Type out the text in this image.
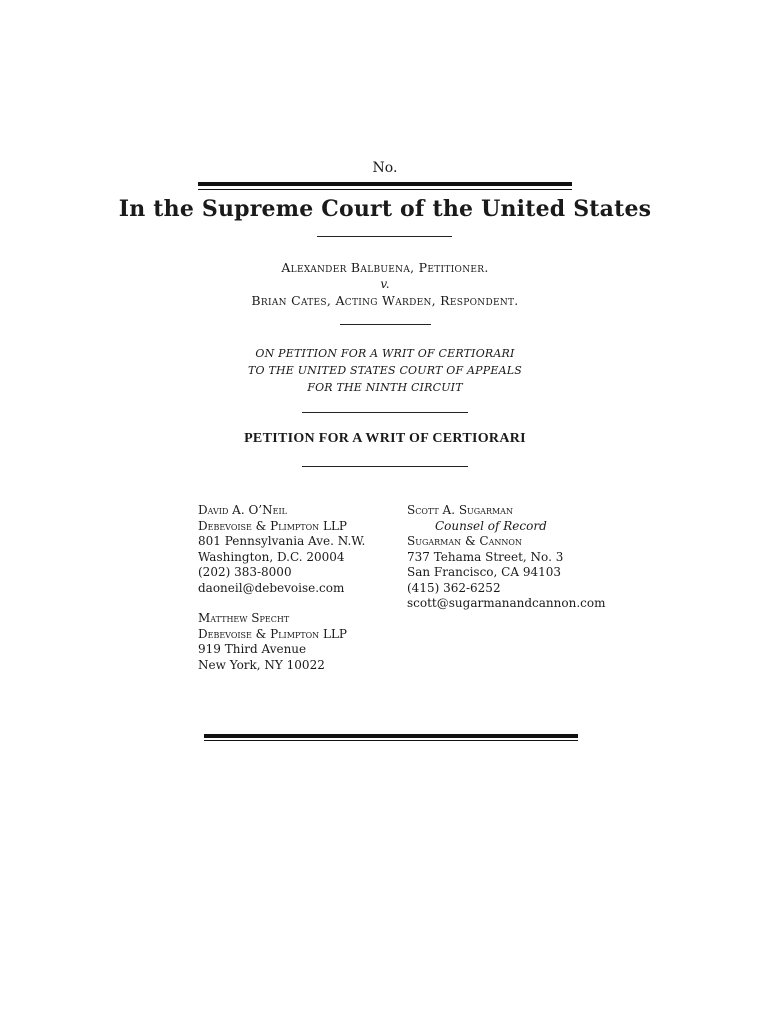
No.
In the Supreme Court of the United States
Alexander Balbuena, Petitioner.
v.
Brian Cates, Acting Warden, Respondent.
ON PETITION FOR A WRIT OF CERTIORARI
TO THE UNITED STATES COURT OF APPEALS
FOR THE NINTH CIRCUIT
PETITION FOR A WRIT OF CERTIORARI
David A. O’Neil
Debevoise & Plimpton LLP
801 Pennsylvania Ave. N.W.
Washington, D.C. 20004
(202) 383-8000
daoneil@debevoise.com
Matthew Specht
Debevoise & Plimpton LLP
919 Third Avenue
New York, NY 10022
Scott A. Sugarman
Counsel of Record
Sugarman & Cannon
737 Tehama Street, No. 3
San Francisco, CA 94103
(415) 362-6252
scott@sugarmanandcannon.com
